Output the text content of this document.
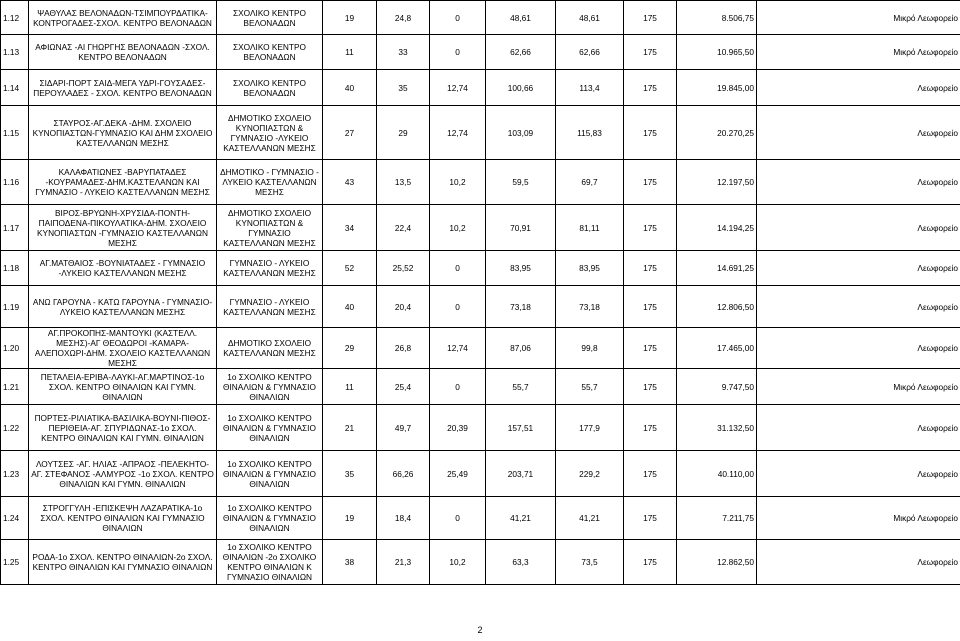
1.12	ΨΑΘΥΛΑΣ ΒΕΛΟΝΑΔΩΝ-ΤΣΙΜΠΟΥΡΔΑΤΙΚΑ-ΚΟΝΤΡΟΓΑΔΕΣ-ΣΧΟΛ. ΚΕΝΤΡΟ ΒΕΛΟΝΑΔΩΝ	ΣΧΟΛΙΚΟ ΚΕΝΤΡΟ ΒΕΛΟΝΑΔΩΝ	19	24,8	0	48,61	48,61	175	8.506,75	Μικρό Λεωφορείο
1.13	ΑΦΙΩΝΑΣ -ΑΙ ΓΗΩΡΓΗΣ ΒΕΛΟΝΑΔΩΝ -ΣΧΟΛ. ΚΕΝΤΡΟ ΒΕΛΟΝΑΔΩΝ	ΣΧΟΛΙΚΟ ΚΕΝΤΡΟ ΒΕΛΟΝΑΔΩΝ	11	33	0	62,66	62,66	175	10.965,50	Μικρό Λεωφορείο
1.14	ΣΙΔΑΡΙ-ΠΟΡΤ ΣΑΙΔ-ΜΕΓΑ ΥΔΡΙ-ΓΟΥΣΑΔΕΣ-ΠΕΡΟΥΛΑΔΕΣ - ΣΧΟΛ. ΚΕΝΤΡΟ ΒΕΛΟΝΑΔΩΝ	ΣΧΟΛΙΚΟ ΚΕΝΤΡΟ ΒΕΛΟΝΑΔΩΝ	40	35	12,74	100,66	113,4	175	19.845,00	Λεωφορείο
1.15	ΣΤΑΥΡΟΣ-ΑΓ.ΔΕΚΑ -ΔΗΜ. ΣΧΟΛΕΙΟ ΚΥΝΟΠΙΑΣΤΩΝ-ΓΥΜΝΑΣΙΟ ΚΑΙ ΔΗΜ ΣΧΟΛΕΙΟ ΚΑΣΤΕΛΛΑΝΩΝ ΜΕΣΗΣ	ΔΗΜΟΤΙΚΟ ΣΧΟΛΕΙΟ ΚΥΝΟΠΙΑΣΤΩΝ & ΓΥΜΝΑΣΙΟ -ΛΥΚΕΙΟ ΚΑΣΤΕΛΛΑΝΩΝ ΜΕΣΗΣ	27	29	12,74	103,09	115,83	175	20.270,25	Λεωφορείο
1.16	ΚΑΛΑΦΑΤΙΩΝΕΣ -ΒΑΡΥΠΑΤΑΔΕΣ -ΚΟΥΡΑΜΑΔΕΣ-ΔΗΜ.ΚΑΣΤΕΛΑΝΩΝ ΚΑΙ ΓΥΜΝΑΣΙΟ - ΛΥΚΕΙΟ ΚΑΣΤΕΛΛΑΝΩΝ ΜΕΣΗΣ	ΔΗΜΟΤΙΚΟ - ΓΥΜΝΑΣΙΟ - ΛΥΚΕΙΟ ΚΑΣΤΕΛΛΑΝΩΝ ΜΕΣΗΣ	43	13,5	10,2	59,5	69,7	175	12.197,50	Λεωφορείο
1.17	ΒΙΡΟΣ-ΒΡΥΩΝΗ-ΧΡΥΣΙΔΑ-ΠΟΝΤΗ-ΠΑΙΠΟΔΕΝΑ-ΠΙΚΟΥΛΑΤΙΚΑ-ΔΗΜ. ΣΧΟΛΕΙΟ ΚΥΝΟΠΙΑΣΤΩΝ -ΓΥΜΝΑΣΙΟ ΚΑΣΤΕΛΛΑΝΩΝ ΜΕΣΗΣ	ΔΗΜΟΤΙΚΟ ΣΧΟΛΕΙΟ ΚΥΝΟΠΙΑΣΤΩΝ & ΓΥΜΝΑΣΙΟ ΚΑΣΤΕΛΛΑΝΩΝ ΜΕΣΗΣ	34	22,4	10,2	70,91	81,11	175	14.194,25	Λεωφορείο
1.18	ΑΓ.ΜΑΤΘΑΙΟΣ -ΒΟΥΝΙΑΤΑΔΕΣ - ΓΥΜΝΑΣΙΟ -ΛΥΚΕΙΟ ΚΑΣΤΕΛΛΑΝΩΝ ΜΕΣΗΣ	ΓΥΜΝΑΣΙΟ - ΛΥΚΕΙΟ ΚΑΣΤΕΛΛΑΝΩΝ ΜΕΣΗΣ	52	25,52	0	83,95	83,95	175	14.691,25	Λεωφορείο
1.19	ΑΝΩ ΓΑΡΟΥΝΑ - ΚΑΤΩ ΓΑΡΟΥΝΑ - ΓΥΜΝΑΣΙΟ-ΛΥΚΕΙΟ ΚΑΣΤΕΛΛΑΝΩΝ ΜΕΣΗΣ	ΓΥΜΝΑΣΙΟ - ΛΥΚΕΙΟ ΚΑΣΤΕΛΛΑΝΩΝ ΜΕΣΗΣ	40	20,4	0	73,18	73,18	175	12.806,50	Λεωφορείο
1.20	ΑΓ.ΠΡΟΚΟΠΗΣ-ΜΑΝΤΟΥΚΙ (ΚΑΣΤΕΛΛ. ΜΕΣΗΣ)-ΑΓ ΘΕΟΔΩΡΟΙ -ΚΑΜΑΡΑ-ΑΛΕΠΟΧΩΡΙ-ΔΗΜ. ΣΧΟΛΕΙΟ ΚΑΣΤΕΛΛΑΝΩΝ ΜΕΣΗΣ	ΔΗΜΟΤΙΚΟ ΣΧΟΛΕΙΟ ΚΑΣΤΕΛΛΑΝΩΝ ΜΕΣΗΣ	29	26,8	12,74	87,06	99,8	175	17.465,00	Λεωφορείο
1.21	ΠΕΤΑΛΕΙΑ-ΕΡΙΒΑ-ΛΑΥΚΙ-ΑΓ.ΜΑΡΤΙΝΟΣ-1ο ΣΧΟΛ. ΚΕΝΤΡΟ ΘΙΝΑΛΙΩΝ ΚΑΙ ΓΥΜΝ. ΘΙΝΑΛΙΩΝ	1ο ΣΧΟΛΙΚΟ ΚΕΝΤΡΟ ΘΙΝΑΛΙΩΝ & ΓΥΜΝΑΣΙΟ ΘΙΝΑΛΙΩΝ	11	25,4	0	55,7	55,7	175	9.747,50	Μικρό Λεωφορείο
1.22	ΠΟΡΤΕΣ-ΡΙΛΙΑΤΙΚΑ-ΒΑΣΙΛΙΚΑ-ΒΟΥΝΙ-ΠΙΘΟΣ-ΠΕΡΙΘΕΙΑ-ΑΓ. ΣΠΥΡΙΔΩΝΑΣ-1ο ΣΧΟΛ. ΚΕΝΤΡΟ ΘΙΝΑΛΙΩΝ ΚΑΙ ΓΥΜΝ. ΘΙΝΑΛΙΩΝ	1ο ΣΧΟΛΙΚΟ ΚΕΝΤΡΟ ΘΙΝΑΛΙΩΝ & ΓΥΜΝΑΣΙΟ ΘΙΝΑΛΙΩΝ	21	49,7	20,39	157,51	177,9	175	31.132,50	Λεωφορείο
1.23	ΛΟΥΤΣΕΣ -ΑΓ. ΗΛΙΑΣ -ΑΠΡΑΟΣ -ΠΕΛΕΚΗΤΟ-ΑΓ. ΣΤΕΦΑΝΟΣ -ΑΛΜΥΡΟΣ -1ο ΣΧΟΛ. ΚΕΝΤΡΟ ΘΙΝΑΛΙΩΝ ΚΑΙ ΓΥΜΝ. ΘΙΝΑΛΙΩΝ	1ο ΣΧΟΛΙΚΟ ΚΕΝΤΡΟ ΘΙΝΑΛΙΩΝ & ΓΥΜΝΑΣΙΟ ΘΙΝΑΛΙΩΝ	35	66,26	25,49	203,71	229,2	175	40.110,00	Λεωφορείο
1.24	ΣΤΡΟΓΓΥΛΗ -ΕΠΙΣΚΕΨΗ ΛΑΖΑΡΑΤΙΚΑ-1ο ΣΧΟΛ. ΚΕΝΤΡΟ ΘΙΝΑΛΙΩΝ ΚΑΙ ΓΥΜΝΑΣΙΟ ΘΙΝΑΛΙΩΝ	1ο ΣΧΟΛΙΚΟ ΚΕΝΤΡΟ ΘΙΝΑΛΙΩΝ & ΓΥΜΝΑΣΙΟ ΘΙΝΑΛΙΩΝ	19	18,4	0	41,21	41,21	175	7.211,75	Μικρό Λεωφορείο
1.25	ΡΟΔΑ-1ο ΣΧΟΛ. ΚΕΝΤΡΟ ΘΙΝΑΛΙΩΝ-2ο ΣΧΟΛ. ΚΕΝΤΡΟ ΘΙΝΑΛΙΩΝ ΚΑΙ ΓΥΜΝΑΣΙΟ ΘΙΝΑΛΙΩΝ	1ο ΣΧΟΛΙΚΟ ΚΕΝΤΡΟ ΘΙΝΑΛΙΩΝ -2ο ΣΧΟΛΙΚΟ ΚΕΝΤΡΟ ΘΙΝΑΛΙΩΝ Κ ΓΥΜΝΑΣΙΟ ΘΙΝΑΛΙΩΝ	38	21,3	10,2	63,3	73,5	175	12.862,50	Λεωφορείο
2
